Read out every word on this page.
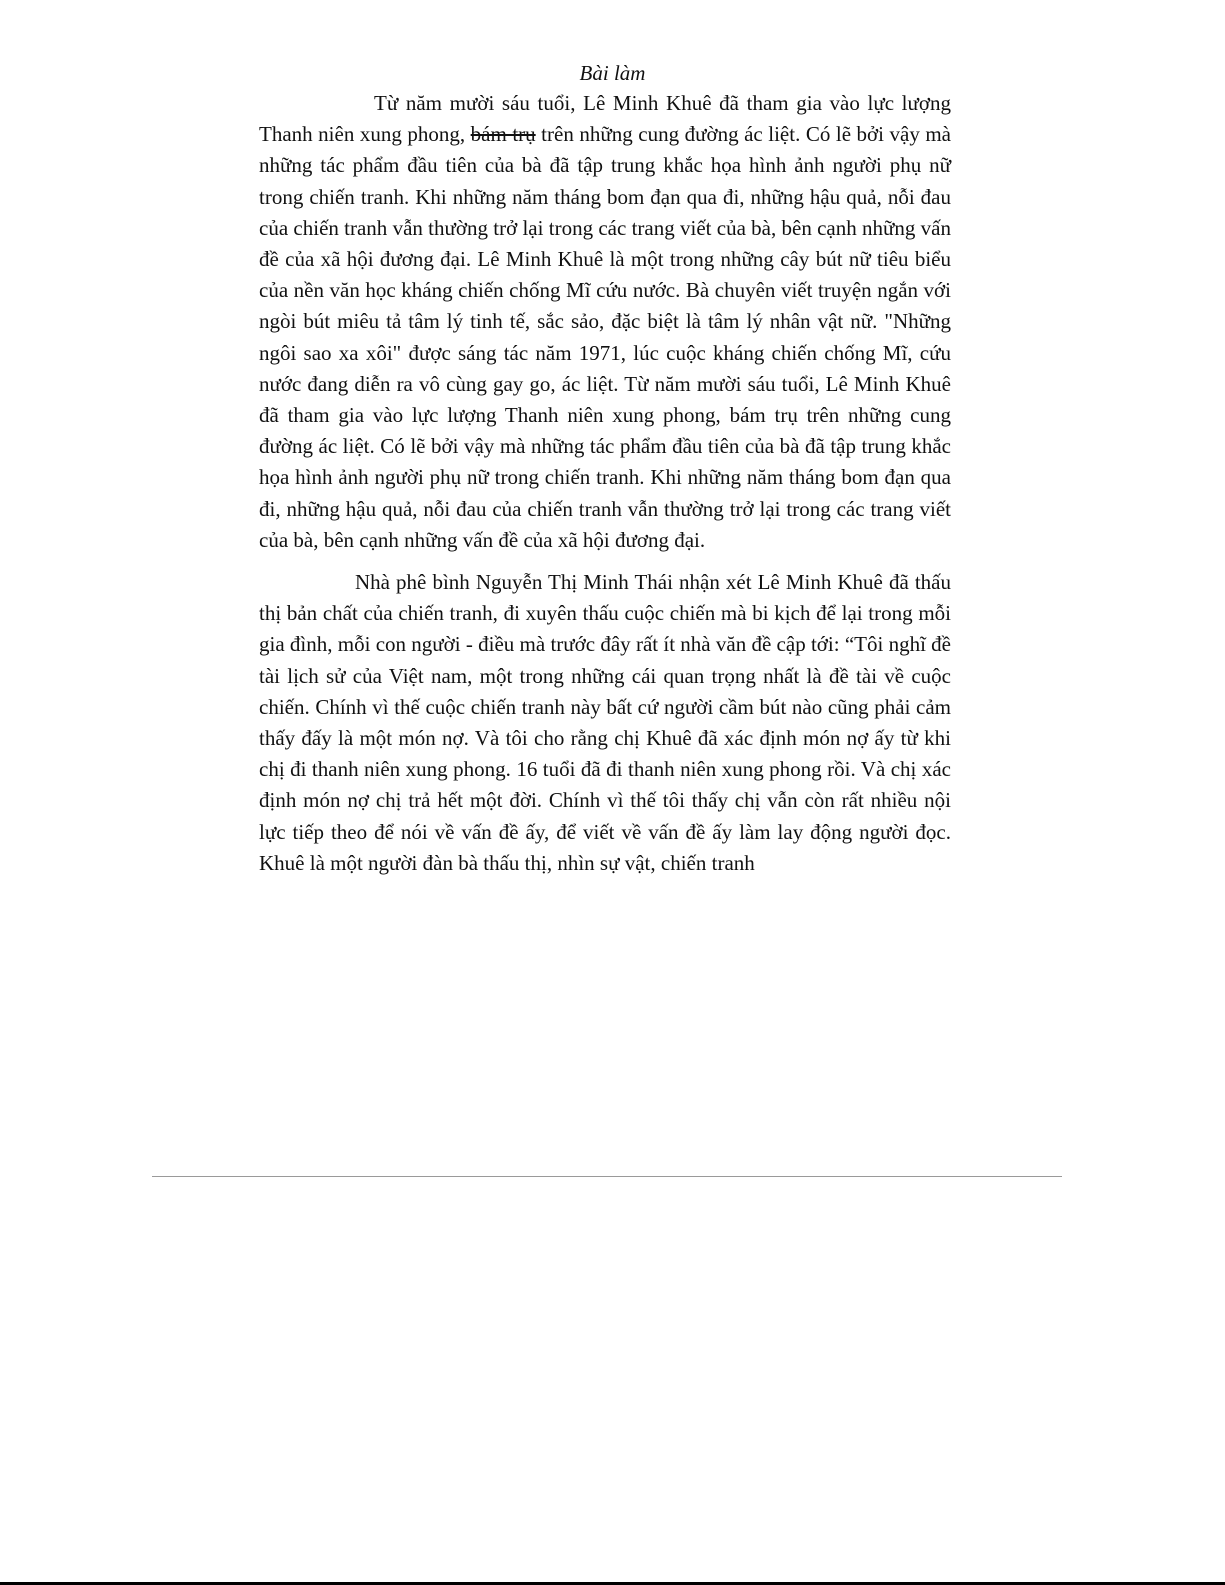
Bài làm

Từ năm mười sáu tuổi, Lê Minh Khuê đã tham gia vào lực lượng Thanh niên xung phong, bám trụ trên những cung đường ác liệt. Có lẽ bởi vậy mà những tác phẩm đầu tiên của bà đã tập trung khắc họa hình ảnh người phụ nữ trong chiến tranh. Khi những năm tháng bom đạn qua đi, những hậu quả, nỗi đau của chiến tranh vẫn thường trở lại trong các trang viết của bà, bên cạnh những vấn đề của xã hội đương đại. Lê Minh Khuê là một trong những cây bút nữ tiêu biểu của nền văn học kháng chiến chống Mĩ cứu nước. Bà chuyên viết truyện ngắn với ngòi bút miêu tả tâm lý tinh tế, sắc sảo, đặc biệt là tâm lý nhân vật nữ. "Những ngôi sao xa xôi" được sáng tác năm 1971, lúc cuộc kháng chiến chống Mĩ, cứu nước đang diễn ra vô cùng gay go, ác liệt. Từ năm mười sáu tuổi, Lê Minh Khuê đã tham gia vào lực lượng Thanh niên xung phong, bám trụ trên những cung đường ác liệt. Có lẽ bởi vậy mà những tác phẩm đầu tiên của bà đã tập trung khắc họa hình ảnh người phụ nữ trong chiến tranh. Khi những năm tháng bom đạn qua đi, những hậu quả, nỗi đau của chiến tranh vẫn thường trở lại trong các trang viết của bà, bên cạnh những vấn đề của xã hội đương đại.

Nhà phê bình Nguyễn Thị Minh Thái nhận xét Lê Minh Khuê đã thấu thị bản chất của chiến tranh, đi xuyên thấu cuộc chiến mà bi kịch để lại trong mỗi gia đình, mỗi con người - điều mà trước đây rất ít nhà văn đề cập tới: “Tôi nghĩ đề tài lịch sử của Việt nam, một trong những cái quan trọng nhất là đề tài về cuộc chiến. Chính vì thế cuộc chiến tranh này bất cứ người cầm bút nào cũng phải cảm thấy đấy là một món nợ. Và tôi cho rằng chị Khuê đã xác định món nợ ấy từ khi chị đi thanh niên xung phong. 16 tuổi đã đi thanh niên xung phong rồi. Và chị xác định món nợ chị trả hết một đời. Chính vì thế tôi thấy chị vẫn còn rất nhiều nội lực tiếp theo để nói về vấn đề ấy, để viết về vấn đề ấy làm lay động người đọc. Khuê là một người đàn bà thấu thị, nhìn sự vật, chiến tranh
